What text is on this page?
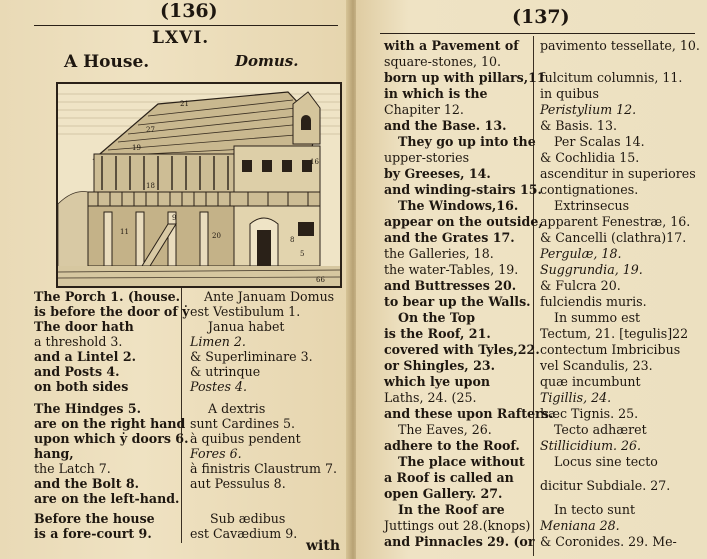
(136)
LXVI.
A House.	Domus.
27
21
19
16
18
11
9
20	8
5
66
The Porch 1. (house.
is before the door of ẏ
The door hath
a threshold 3.
and a Lintel 2.
and Posts 4.
on both sides
The Hindges 5.
are on the right hand
upon which ẏ doors 6.
hang,
the Latch 7.
and the Bolt 8.
are on the left-hand.
Before the house
is a fore-court 9.
Ante Januam Domus
est Vestibulum 1.
Janua habet
Limen 2.
& Superliminare 3.
& utrinque
Postes 4.
A dextris
sunt Cardines 5.
à quibus pendent
Fores 6.
à finistris Claustrum 7.
aut Pessulus 8.
Sub ædibus
est Cavædium 9.
with
(137)
with a Pavement of
square-stones, 10.
born up with pillars,11
in which is the
Chapiter 12.
and the Base. 13.
They go up into the
upper-stories
by Greeses, 14.
and winding-stairs 15.
The Windows,16.
appear on the outside,
and the Grates 17.
the Galleries, 18.
the water-Tables, 19.
and Buttresses 20.
to bear up the Walls.
On the Top
is the Roof, 21.
covered with Tyles,22.
or Shingles, 23.
which lye upon
Laths, 24. (25.
and these upon Rafters.
The Eaves, 26.
adhere to the Roof.
The place without
a Roof is called an
open Gallery. 27.
In the Roof are
Juttings out 28.(knops)
and Pinnacles 29. (or
pavimento tessellate, 10.
fulcitum columnis, 11.
in quibus
Peristylium 12.
& Basis. 13.
Per Scalas 14.
& Cochlidia 15.
ascenditur in superiores
contignationes.
Extrinsecus
apparent Fenestræ, 16.
& Cancelli (clathra)17.
Pergulæ, 18.
Suggrundia, 19.
& Fulcra 20.
fulciendis muris.
In summo est
Tectum, 21. [tegulis]22
contectum Imbricibus
vel Scandulis, 23.
quæ incumbunt
Tigillis, 24.
hæc Tignis. 25.
Tecto adhæret
Stillicidium. 26.
Locus sine tecto
dicitur Subdiale. 27.
In tecto sunt
Meniana 28.
& Coronides. 29. Me-
